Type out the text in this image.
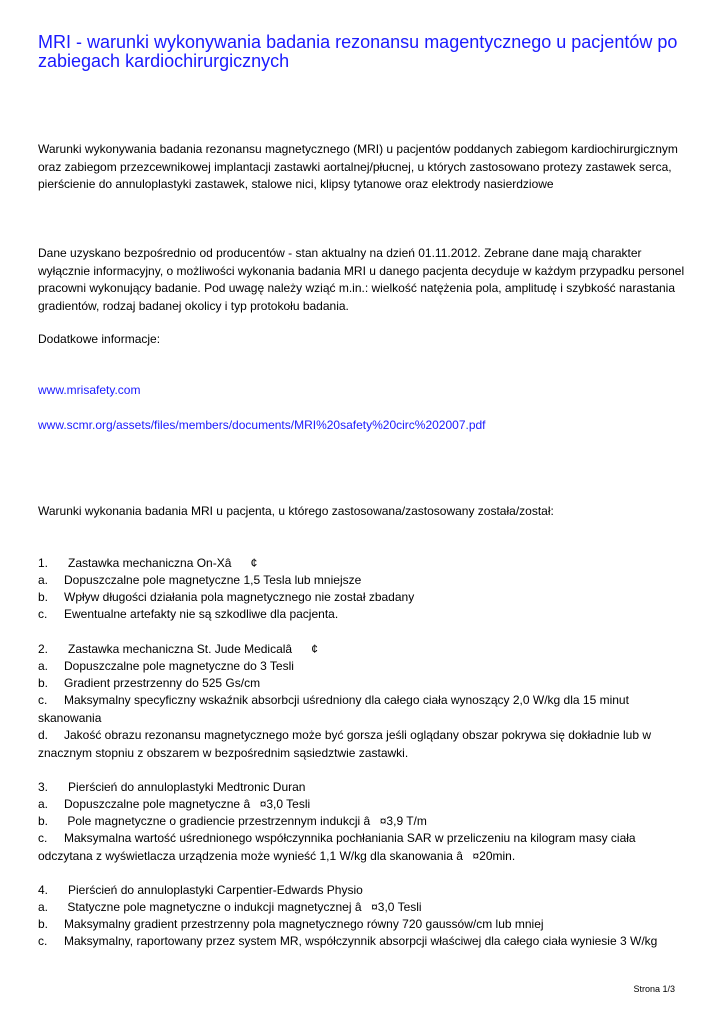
MRI - warunki wykonywania badania rezonansu magentycznego u pacjentów po zabiegach kardiochirurgicznych
Warunki wykonywania badania rezonansu magnetycznego (MRI) u pacjentów poddanych zabiegom kardiochirurgicznym oraz zabiegom przezcewnikowej implantacji zastawki aortalnej/płucnej, u których zastosowano protezy zastawek serca, pierścienie do annuloplastyki zastawek, stalowe nici, klipsy tytanowe oraz elektrody nasierdziowe
Dane uzyskano bezpośrednio od producentów - stan aktualny na dzień 01.11.2012. Zebrane dane mają charakter wyłącznie informacyjny, o możliwości wykonania badania MRI u danego pacjenta decyduje w każdym przypadku personel pracowni wykonujący badanie. Pod uwagę należy wziąć m.in.: wielkość natężenia pola, amplitudę i szybkość narastania gradientów, rodzaj badanej okolicy i typ protokołu badania.
Dodatkowe informacje:
www.mrisafety.com
www.scmr.org/assets/files/members/documents/MRI%20safety%20circ%202007.pdf
Warunki wykonania badania MRI u pacjenta, u którego zastosowana/zastosowany została/został:
1. Zastawka mechaniczna On-Xâ¢
a. Dopuszczalne pole magnetyczne 1,5 Tesla lub mniejsze
b. Wpływ długości działania pola magnetycznego nie został zbadany
c. Ewentualne artefakty nie są szkodliwe dla pacjenta.
2. Zastawka mechaniczna St. Jude Medicalâ¢
a. Dopuszczalne pole magnetyczne do 3 Tesli
b. Gradient przestrzenny do 525 Gs/cm
c. Maksymalny specyficzny wskaźnik absorbcji uśredniony dla całego ciała wynoszący 2,0 W/kg dla 15 minut skanowania
d. Jakość obrazu rezonansu magnetycznego może być gorsza jeśli oglądany obszar pokrywa się dokładnie lub w znacznym stopniu z obszarem w bezpośrednim sąsiedztwie zastawki.
3. Pierścień do annuloplastyki Medtronic Duran
a. Dopuszczalne pole magnetyczne â¤3,0 Tesli
b. Pole magnetyczne o gradiencie przestrzennym indukcji â¤3,9 T/m
c. Maksymalna wartość uśrednionego współczynnika pochłaniania SAR w przeliczeniu na kilogram masy ciała odczytana z wyświetlacza urządzenia może wynieść 1,1 W/kg dla skanowania â¤20min.
4. Pierścień do annuloplastyki Carpentier-Edwards Physio
a. Statyczne pole magnetyczne o indukcji magnetycznej â¤3,0 Tesli
b. Maksymalny gradient przestrzenny pola magnetycznego równy 720 gaussów/cm lub mniej
c. Maksymalny, raportowany przez system MR, współczynnik absorpcji właściwej dla całego ciała wyniesie 3 W/kg
Strona 1/3
